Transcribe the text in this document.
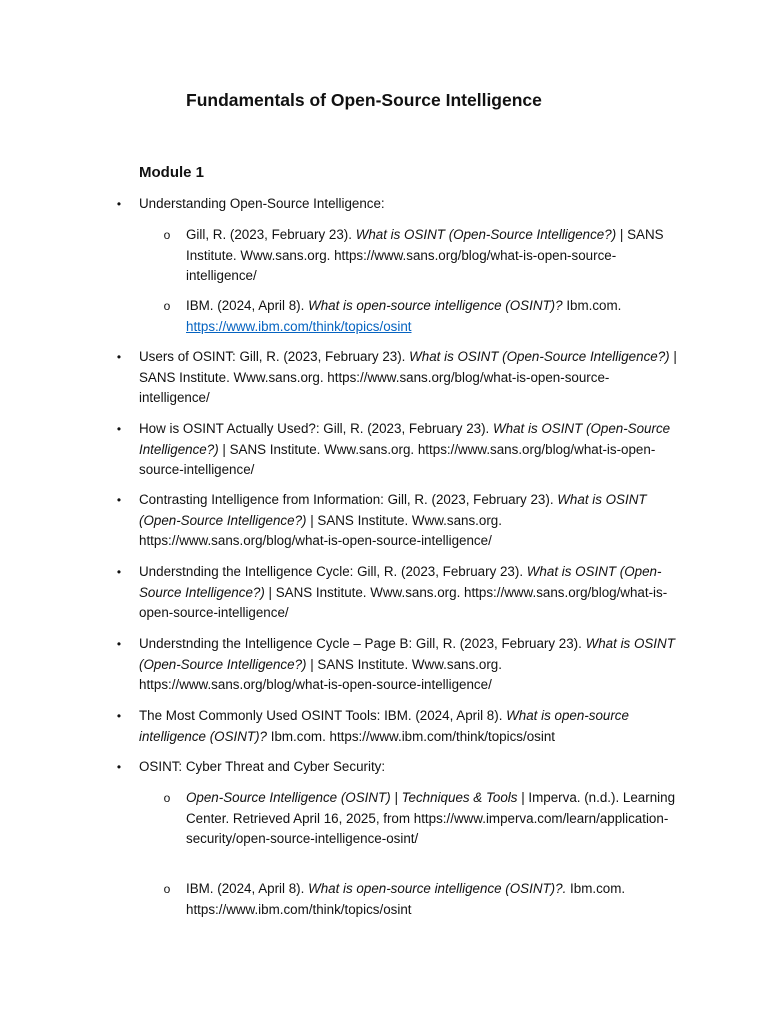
Fundamentals of Open-Source Intelligence
Module 1
• Understanding Open-Source Intelligence:

o Gill, R. (2023, February 23). What is OSINT (Open-Source Intelligence?) | SANS Institute. Www.sans.org. https://www.sans.org/blog/what-is-open-source-intelligence/

o IBM. (2024, April 8). What is open-source intelligence (OSINT)? Ibm.com.
https://www.ibm.com/think/topics/osint

• Users of OSINT: Gill, R. (2023, February 23). What is OSINT (Open-Source Intelligence?) | SANS Institute. Www.sans.org. https://www.sans.org/blog/what-is-open-source-intelligence/

• How is OSINT Actually Used?: Gill, R. (2023, February 23). What is OSINT (Open-Source Intelligence?) | SANS Institute. Www.sans.org. https://www.sans.org/blog/what-is-open-source-intelligence/

• Contrasting Intelligence from Information: Gill, R. (2023, February 23). What is OSINT (Open-Source Intelligence?) | SANS Institute. Www.sans.org. https://www.sans.org/blog/what-is-open-source-intelligence/

• Understnding the Intelligence Cycle: Gill, R. (2023, February 23). What is OSINT (Open-Source Intelligence?) | SANS Institute. Www.sans.org. https://www.sans.org/blog/what-is-open-source-intelligence/

• Understnding the Intelligence Cycle – Page B: Gill, R. (2023, February 23). What is OSINT (Open-Source Intelligence?) | SANS Institute. Www.sans.org. https://www.sans.org/blog/what-is-open-source-intelligence/

• The Most Commonly Used OSINT Tools: IBM. (2024, April 8). What is open-source intelligence (OSINT)? Ibm.com. https://www.ibm.com/think/topics/osint

• OSINT: Cyber Threat and Cyber Security:

o Open-Source Intelligence (OSINT) | Techniques & Tools | Imperva. (n.d.). Learning Center. Retrieved April 16, 2025, from https://www.imperva.com/learn/application-security/open-source-intelligence-osint/

o IBM. (2024, April 8). What is open-source intelligence (OSINT)?. Ibm.com. https://www.ibm.com/think/topics/osint
